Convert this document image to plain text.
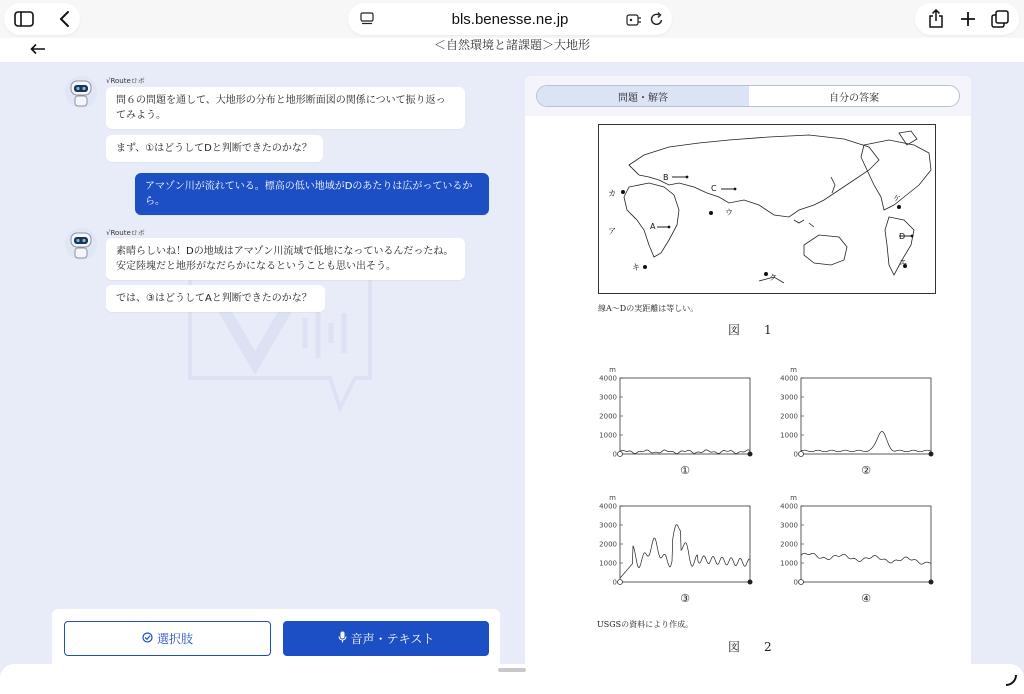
bls.benesse.ne.jp
＜自然環境と諸課題＞大地形
√Routeロボ
問６の問題を通して、大地形の分布と地形断面図の関係について振り返ってみよう。
まず、①はどうしてDと判断できたのかな？
アマゾン川が流れている。標高の低い地域がDのあたりは広がっているから。
√Routeロボ
素晴らしいね！Dの地域はアマゾン川流域で低地になっているんだったね。安定陸塊だと地形がなだらかになるということも思い出そう。
では、③はどうしてAと判断できたのかな？
選択肢	音声・テキスト
問題・解答	自分の答案
カ
B
C
ア
A
ウ
ケ
D
エ
キ
ク
線A～Dの実距離は等しい。
図　1
m
4000
3000
2000
1000
0
①
m
4000
3000
2000
1000
0
②
m
4000
3000
2000
1000
0
③
m
4000
3000
2000
1000
0
④
USGSの資料により作成。
図　2
